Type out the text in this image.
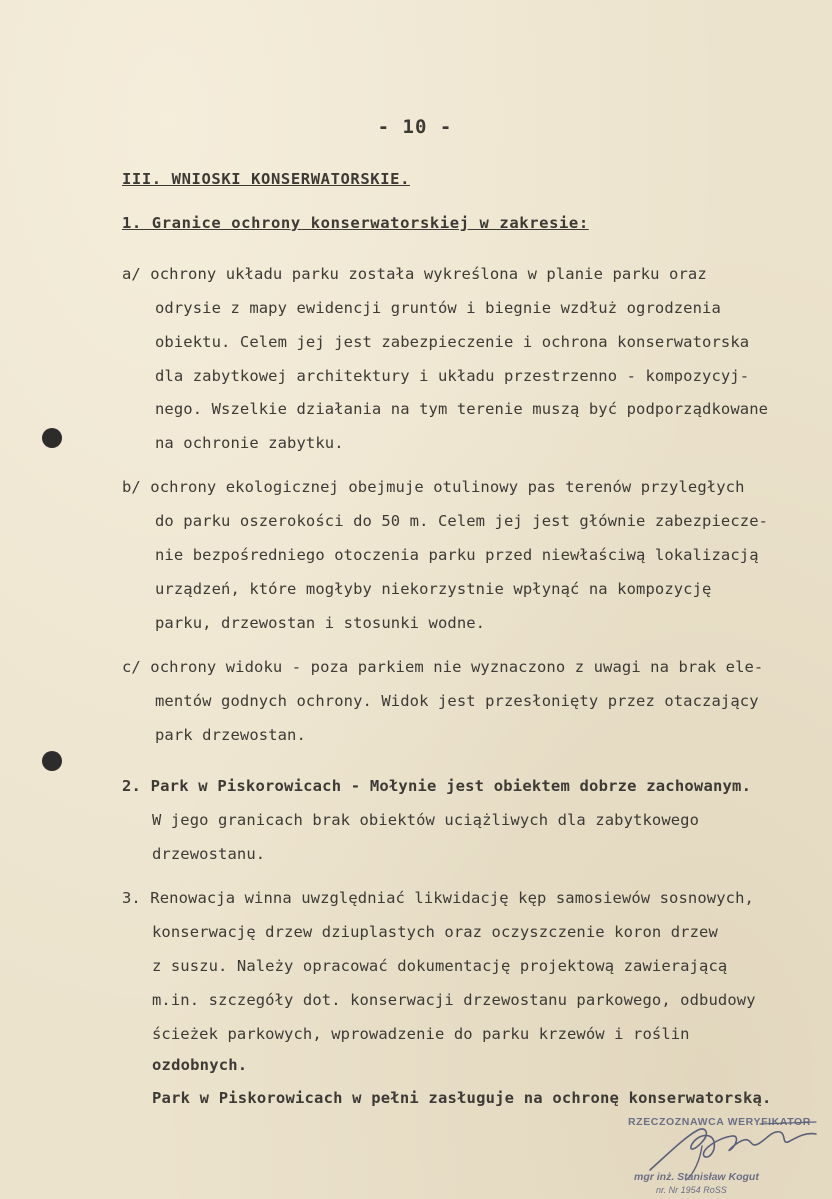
- 10 -
III. WNIOSKI KONSERWATORSKIE.
1. Granice ochrony konserwatorskiej w zakresie:
a/ ochrony układu parku została wykreślona w planie parku oraz
odrysie z mapy ewidencji gruntów i biegnie wzdłuż ogrodzenia
obiektu. Celem jej jest zabezpieczenie i ochrona konserwatorska
dla zabytkowej architektury i układu przestrzenno - kompozycyj-
nego. Wszelkie działania na tym terenie muszą być podporządkowane
na ochronie zabytku.
b/ ochrony ekologicznej obejmuje otulinowy pas terenów przyległych
do parku oszerokości do 50 m. Celem jej jest głównie zabezpiecze-
nie bezpośredniego otoczenia parku przed niewłaściwą lokalizacją
urządzeń, które mogłyby niekorzystnie wpłynąć na kompozycję
parku, drzewostan i stosunki wodne.
c/ ochrony widoku - poza parkiem nie wyznaczono z uwagi na brak ele-
mentów godnych ochrony. Widok jest przesłonięty przez otaczający
park drzewostan.
2. Park w Piskorowicach - Mołynie jest obiektem dobrze zachowanym.
W jego granicach brak obiektów uciążliwych dla zabytkowego
drzewostanu.
3. Renowacja winna uwzględniać likwidację kęp samosiewów sosnowych,
konserwację drzew dziuplastych oraz oczyszczenie koron drzew
z suszu. Należy opracować dokumentację projektową zawierającą
m.in. szczegóły dot. konserwacji drzewostanu parkowego, odbudowy
ścieżek parkowych, wprowadzenie do parku krzewów i roślin
ozdobnych.
Park w Piskorowicach w pełni zasługuje na ochronę konserwatorską.
RZECZOZNAWCA WERYFIKATOR
mgr inż. Stanisław Kogut
nr. Nr 1954 RoSS
